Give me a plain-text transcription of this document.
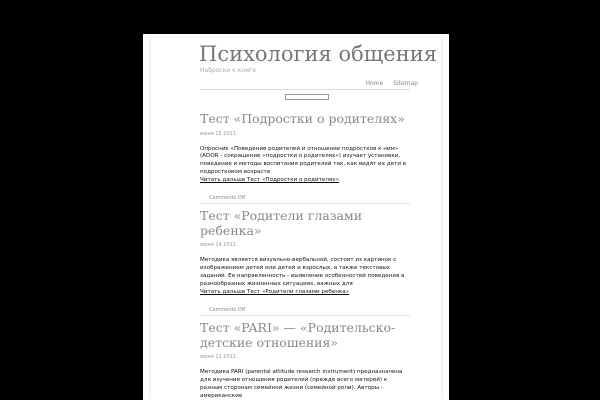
Психология общения
Наброски к книге
Home Sitemap
Тест «Подростки о родителях»
июня 15 2011
Опросник «Поведение родителей и отношение подростков к ним» (ADOR - сокращение «подростки о родителях») изучает установки, поведение и методы воспитания родителей так, как видят их дети в подростковом возрасте
Читать дальше Тест «Подростки о родителях»
Comments Off
Тест «Родители глазами ребенка»
июня 14 2011
Методика является визуально-вербальной, состоит из картинок с изображением детей или детей и взрослых, а также текстовых заданий. Ее направленность - выявление особенностей поведения в разнообразных жизненных ситуациях, важных для
Читать дальше Тест «Родители глазами ребенка»
Comments Off
Тест «PARI» — «Родительско-детские отношения»
июня 11 2011
Методика PARI (parental attitude research instrument) предназначена для изучения отношения родителей (прежде всего матерей) к разным сторонам семейной жизни (семейной роли). Авторы - американские
